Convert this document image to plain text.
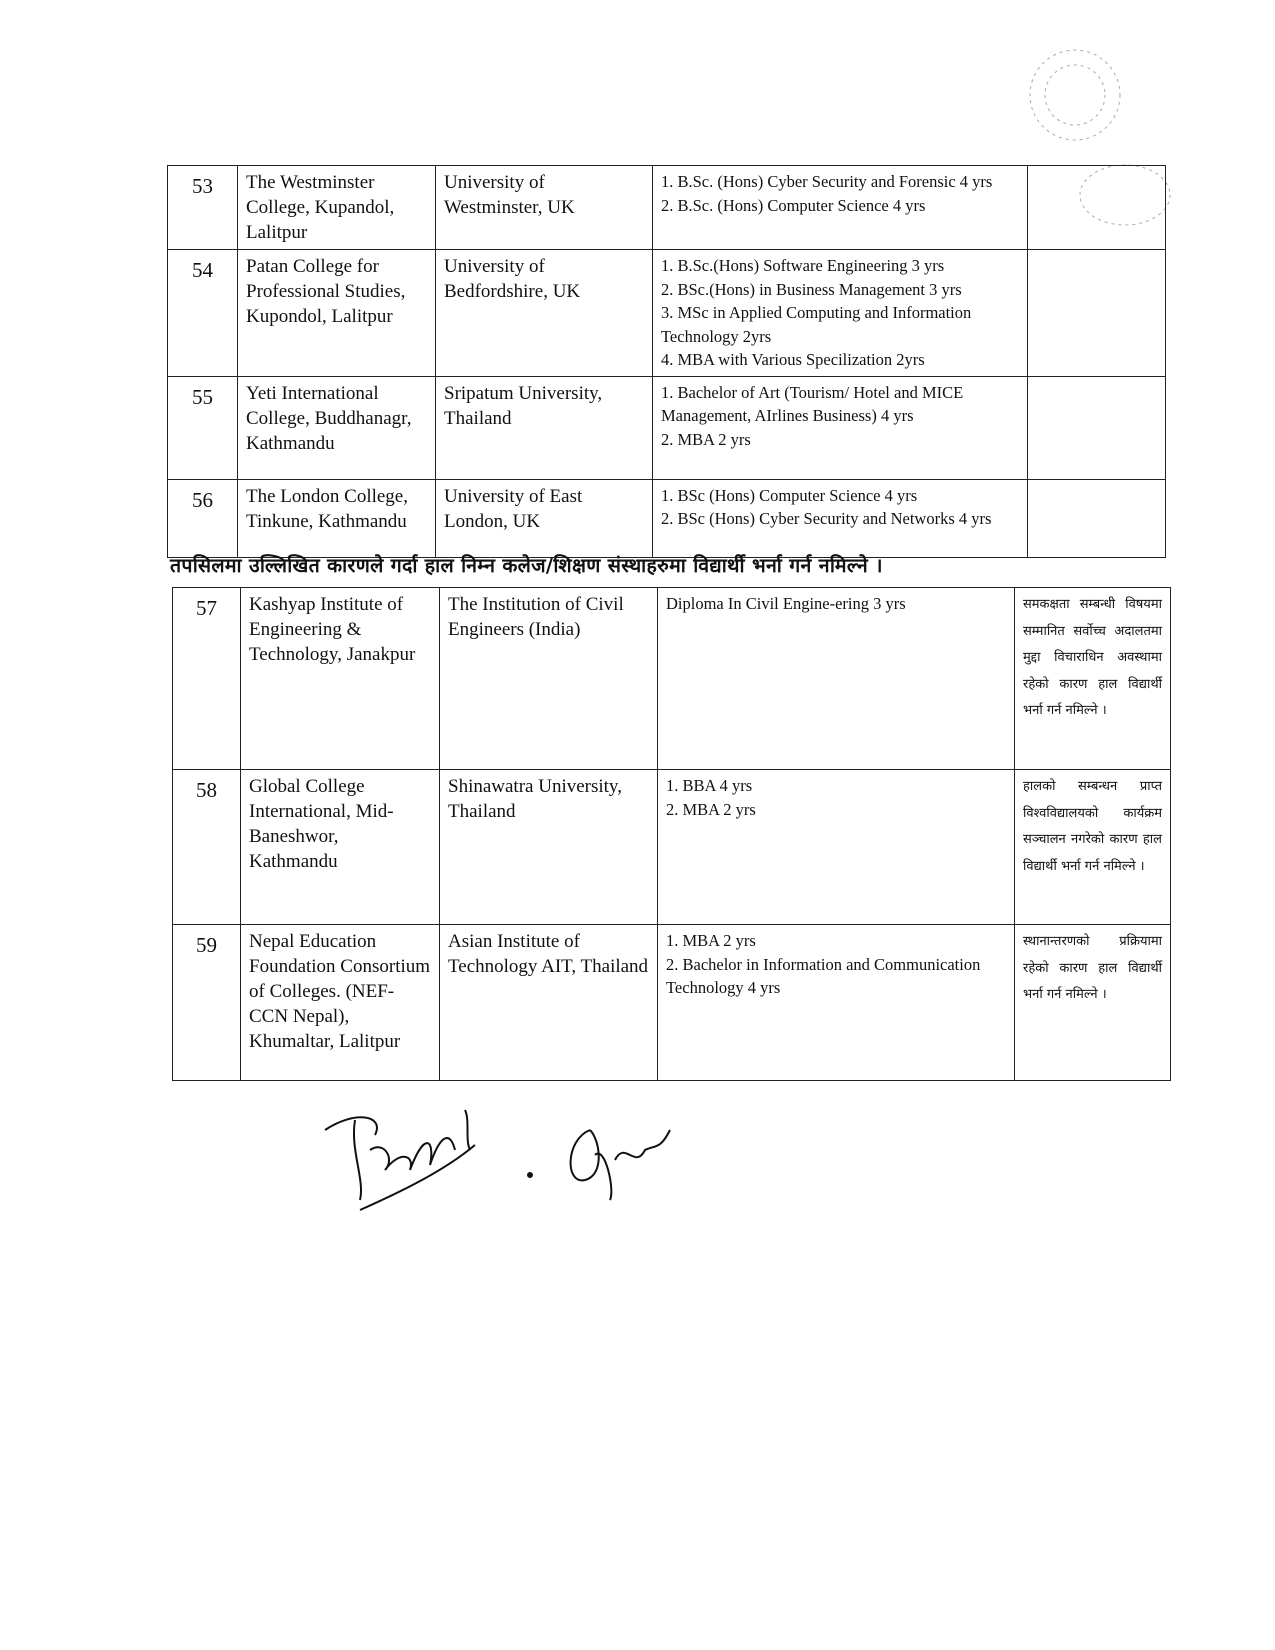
53	The Westminster College, Kupandol, Lalitpur	University of Westminster, UK	1. B.Sc. (Hons) Cyber Security and Forensic 4 yrs
2. B.Sc. (Hons) Computer Science 4 yrs	

54	Patan College for Professional Studies, Kupondol, Lalitpur	University of Bedfordshire, UK	1. B.Sc.(Hons) Software Engineering 3 yrs
2. BSc.(Hons) in Business Management 3 yrs
3. MSc in Applied Computing and Information Technology 2yrs
4. MBA with Various Specilization 2yrs	

55	Yeti International College, Buddhanagr, Kathmandu	Sripatum University, Thailand	1. Bachelor of Art (Tourism/ Hotel and MICE Management, AIrlines Business) 4 yrs
2. MBA 2 yrs	

56	The London College, Tinkune, Kathmandu	University of East London, UK	1. BSc (Hons) Computer Science 4 yrs
2. BSc (Hons) Cyber Security and Networks 4 yrs	

तपसिलमा उल्लिखित कारणले गर्दा हाल निम्न कलेज/शिक्षण संस्थाहरुमा विद्यार्थी भर्ना गर्न नमिल्ने ।
57	Kashyap Institute of Engineering & Technology, Janakpur	The Institution of Civil Engineers (India)	Diploma In Civil Engine-ering 3 yrs	समकक्षता सम्बन्धी विषयमा सम्मानित सर्वोच्च अदालतमा मुद्दा विचाराधिन अवस्थामा रहेको कारण हाल विद्यार्थी भर्ना गर्न नमिल्ने ।
58	Global College International, Mid-Baneshwor, Kathmandu	Shinawatra University, Thailand	1. BBA 4 yrs
2. MBA 2 yrs	हालको सम्बन्धन प्राप्त विश्वविद्यालयको कार्यक्रम सञ्चालन नगरेको कारण हाल विद्यार्थी भर्ना गर्न नमिल्ने ।
59	Nepal Education Foundation Consortium of Colleges. (NEF-CCN Nepal), Khumaltar, Lalitpur	Asian Institute of Technology AIT, Thailand	1. MBA 2 yrs
2. Bachelor in Information and Communication Technology 4 yrs	स्थानान्तरणको प्रक्रियामा रहेको कारण हाल विद्यार्थी भर्ना गर्न नमिल्ने ।
